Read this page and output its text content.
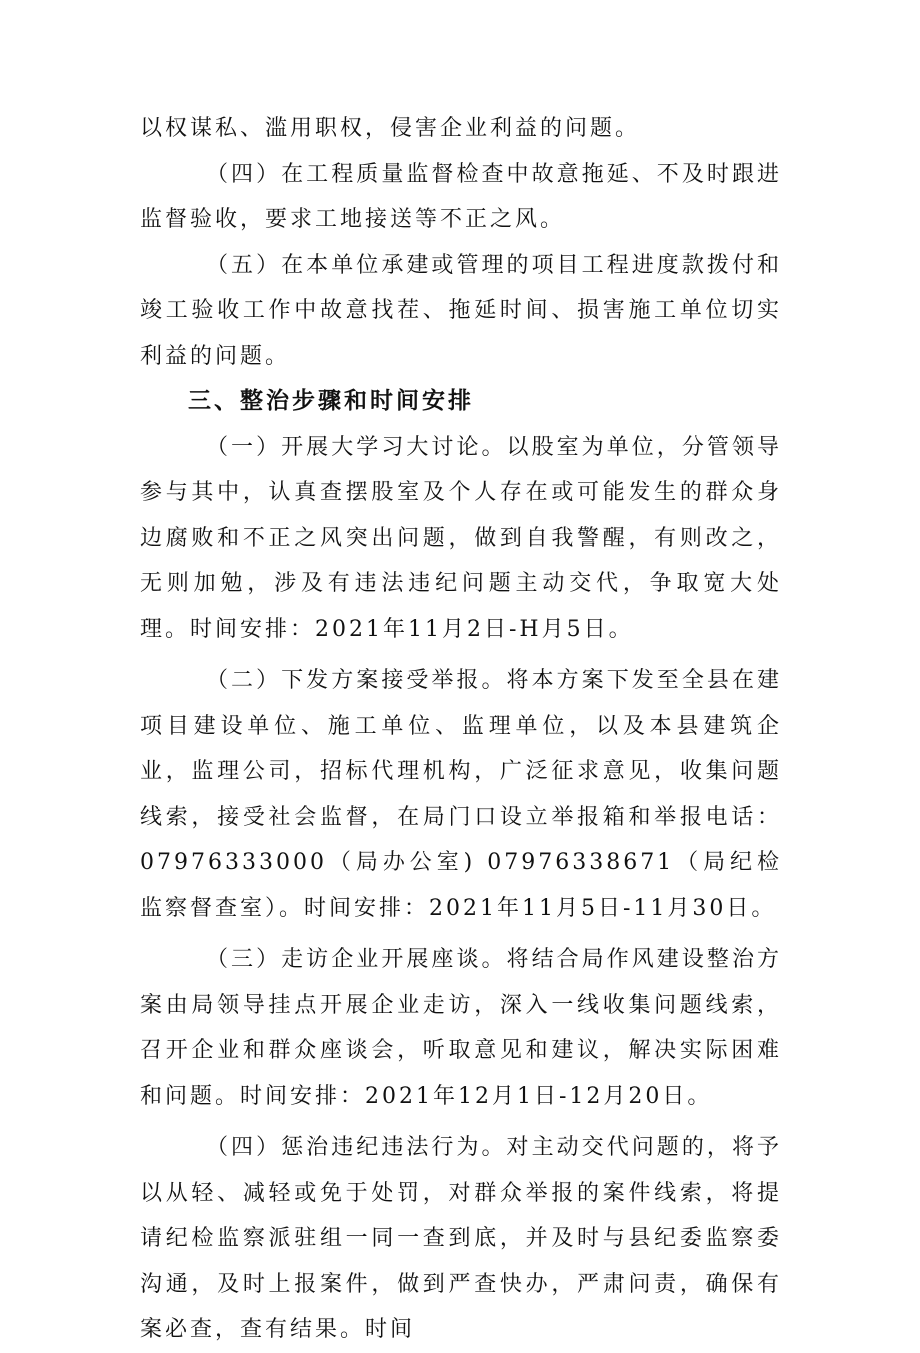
以权谋私、滥用职权，侵害企业利益的问题。

（四）在工程质量监督检查中故意拖延、不及时跟进监督验收，要求工地接送等不正之风。

（五）在本单位承建或管理的项目工程进度款拨付和竣工验收工作中故意找茬、拖延时间、损害施工单位切实利益的问题。

三、整治步骤和时间安排

（一）开展大学习大讨论。以股室为单位，分管领导参与其中，认真查摆股室及个人存在或可能发生的群众身边腐败和不正之风突出问题，做到自我警醒，有则改之，无则加勉，涉及有违法违纪问题主动交代，争取宽大处理。时间安排：2021年11月2日-H月5日。

（二）下发方案接受举报。将本方案下发至全县在建项目建设单位、施工单位、监理单位，以及本县建筑企业，监理公司，招标代理机构，广泛征求意见，收集问题线索，接受社会监督，在局门口设立举报箱和举报电话：07976333000（局办公室) 07976338671（局纪检监察督查室）。时间安排：2021年11月5日-11月30日。

（三）走访企业开展座谈。将结合局作风建设整治方案由局领导挂点开展企业走访，深入一线收集问题线索，召开企业和群众座谈会，听取意见和建议，解决实际困难和问题。时间安排：2021年12月1日-12月20日。

（四）惩治违纪违法行为。对主动交代问题的，将予以从轻、减轻或免于处罚，对群众举报的案件线索，将提请纪检监察派驻组一同一查到底，并及时与县纪委监察委沟通，及时上报案件，做到严查快办，严肃问责，确保有案必查，查有结果。时间
